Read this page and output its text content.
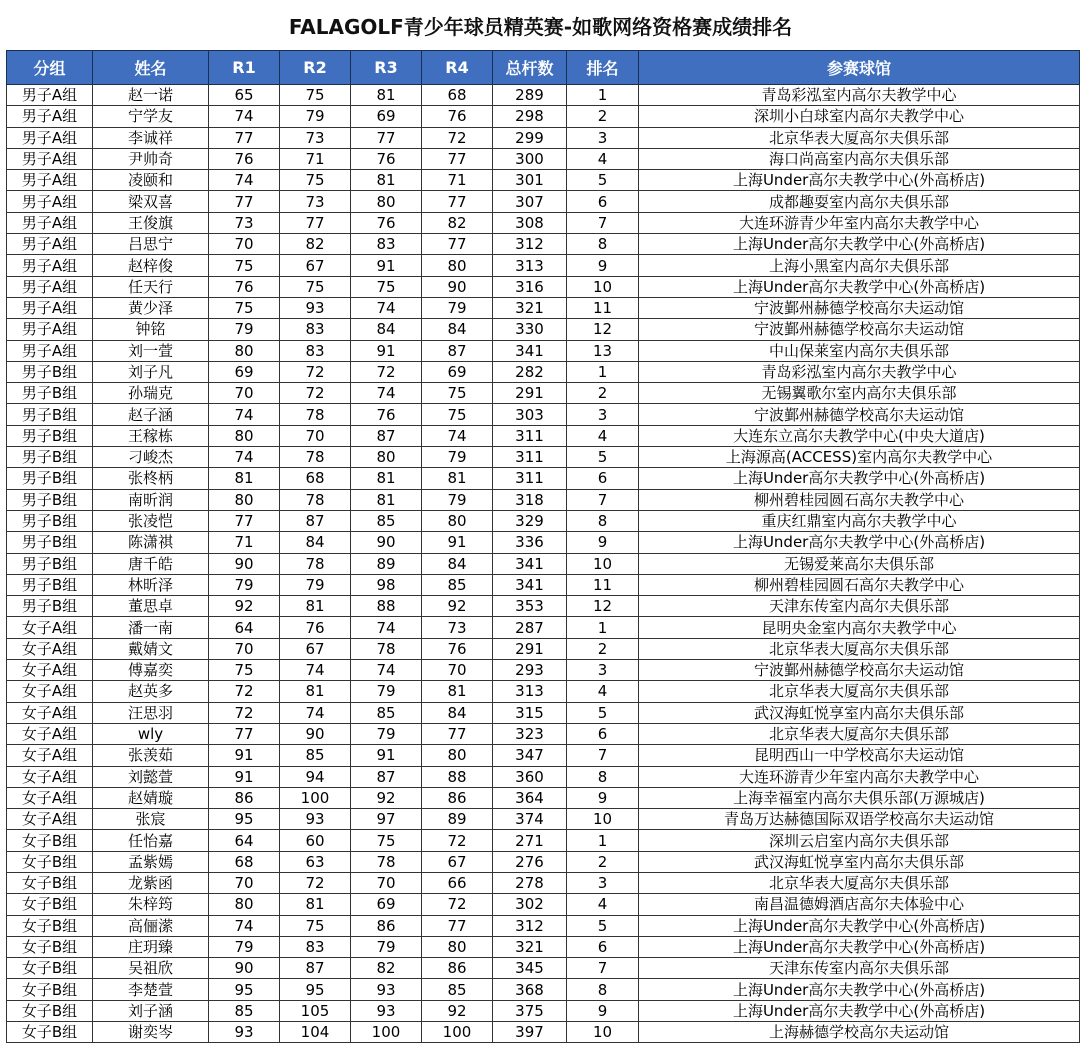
FALAGOLF青少年球员精英赛-如歌网络资格赛成绩排名
分组	姓名	R1	R2	R3	R4	总杆数	排名	参赛球馆
男子A组	赵一诺	65	75	81	68	289	1	青岛彩泓室内高尔夫教学中心
男子A组	宁学友	74	79	69	76	298	2	深圳小白球室内高尔夫教学中心
男子A组	李诚祥	77	73	77	72	299	3	北京华表大厦高尔夫俱乐部
男子A组	尹帅奇	76	71	76	77	300	4	海口尚高室内高尔夫俱乐部
男子A组	凌颐和	74	75	81	71	301	5	上海Under高尔夫教学中心(外高桥店)
男子A组	梁双喜	77	73	80	77	307	6	成都趣耍室内高尔夫俱乐部
男子A组	王俊旗	73	77	76	82	308	7	大连环游青少年室内高尔夫教学中心
男子A组	吕思宁	70	82	83	77	312	8	上海Under高尔夫教学中心(外高桥店)
男子A组	赵梓俊	75	67	91	80	313	9	上海小黑室内高尔夫俱乐部
男子A组	任天行	76	75	75	90	316	10	上海Under高尔夫教学中心(外高桥店)
男子A组	黄少泽	75	93	74	79	321	11	宁波鄞州赫德学校高尔夫运动馆
男子A组	钟铭	79	83	84	84	330	12	宁波鄞州赫德学校高尔夫运动馆
男子A组	刘一萱	80	83	91	87	341	13	中山保莱室内高尔夫俱乐部
男子B组	刘子凡	69	72	72	69	282	1	青岛彩泓室内高尔夫教学中心
男子B组	孙瑞克	70	72	74	75	291	2	无锡翼歌尔室内高尔夫俱乐部
男子B组	赵子涵	74	78	76	75	303	3	宁波鄞州赫德学校高尔夫运动馆
男子B组	王稼栋	80	70	87	74	311	4	大连东立高尔夫教学中心(中央大道店)
男子B组	刁峻杰	74	78	80	79	311	5	上海源高(ACCESS)室内高尔夫教学中心
男子B组	张柊柄	81	68	81	81	311	6	上海Under高尔夫教学中心(外高桥店)
男子B组	南昕润	80	78	81	79	318	7	柳州碧桂园圆石高尔夫教学中心
男子B组	张凌恺	77	87	85	80	329	8	重庆红鼎室内高尔夫教学中心
男子B组	陈潇祺	71	84	90	91	336	9	上海Under高尔夫教学中心(外高桥店)
男子B组	唐千皓	90	78	89	84	341	10	无锡爱莱高尔夫俱乐部
男子B组	林昕泽	79	79	98	85	341	11	柳州碧桂园圆石高尔夫教学中心
男子B组	董思卓	92	81	88	92	353	12	天津东传室内高尔夫俱乐部
女子A组	潘一南	64	76	74	73	287	1	昆明央金室内高尔夫教学中心
女子A组	戴婧文	70	67	78	76	291	2	北京华表大厦高尔夫俱乐部
女子A组	傅嘉奕	75	74	74	70	293	3	宁波鄞州赫德学校高尔夫运动馆
女子A组	赵英多	72	81	79	81	313	4	北京华表大厦高尔夫俱乐部
女子A组	汪思羽	72	74	85	84	315	5	武汉海虹悦享室内高尔夫俱乐部
女子A组	wly	77	90	79	77	323	6	北京华表大厦高尔夫俱乐部
女子A组	张羡茹	91	85	91	80	347	7	昆明西山一中学校高尔夫运动馆
女子A组	刘懿萱	91	94	87	88	360	8	大连环游青少年室内高尔夫教学中心
女子A组	赵婧璇	86	100	92	86	364	9	上海幸福室内高尔夫俱乐部(万源城店)
女子A组	张宸	95	93	97	89	374	10	青岛万达赫德国际双语学校高尔夫运动馆
女子B组	任怡嘉	64	60	75	72	271	1	深圳云启室内高尔夫俱乐部
女子B组	孟紫嫣	68	63	78	67	276	2	武汉海虹悦享室内高尔夫俱乐部
女子B组	龙紫函	70	72	70	66	278	3	北京华表大厦高尔夫俱乐部
女子B组	朱梓筠	80	81	69	72	302	4	南昌温德姆酒店高尔夫体验中心
女子B组	高俪潆	74	75	86	77	312	5	上海Under高尔夫教学中心(外高桥店)
女子B组	庄玥臻	79	83	79	80	321	6	上海Under高尔夫教学中心(外高桥店)
女子B组	吴祖欣	90	87	82	86	345	7	天津东传室内高尔夫俱乐部
女子B组	李楚萱	95	95	93	85	368	8	上海Under高尔夫教学中心(外高桥店)
女子B组	刘子涵	85	105	93	92	375	9	上海Under高尔夫教学中心(外高桥店)
女子B组	谢奕岑	93	104	100	100	397	10	上海赫德学校高尔夫运动馆
